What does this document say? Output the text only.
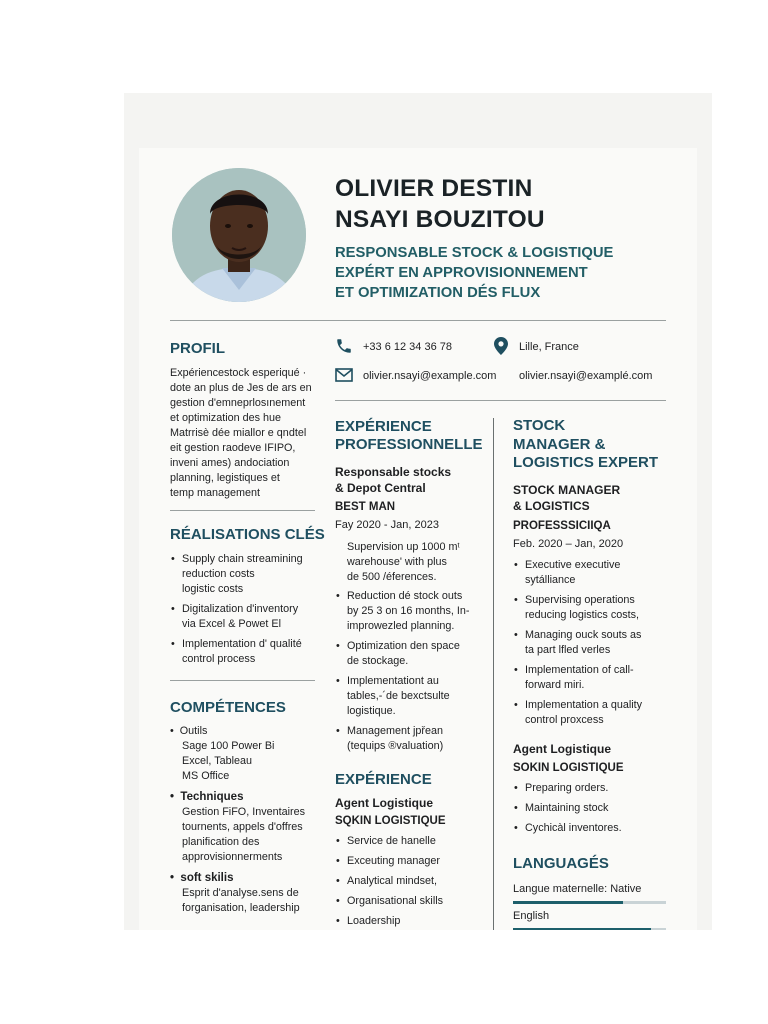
OLIVIER DESTIN
NSAYI BOUZITOU
RESPONSABLE STOCK & LOGISTIQUE
EXPÉRT EN APPROVISIONNEMENT
ET OPTIMIZATION DÉS FLUX
PROFIL
Expériencestock esperiqué ·
dote an plus de Jes de ars en
gestion d'emneprlosınement
et optimization des hue
Matrrisè dée miallor e qndtel
eit gestion raodeve IFIPO,
inveni ames) andociation
planning, legistiques et
temp management
RÉALISATIONS CLÉS
• Supply chain streamining
reduction costs
logistic costs
• Digitalization d'inventory
via Excel & Powet El
• Implementation d' qualité
control process
COMPÉTENCES
•  Outils
Sage 100 Power Bi
Excel, Tableau
MS Office
•  Techniques
Gestion FiFO, Inventaires
tournents, appels d'offres
planification des
approvisionnerments
•  soft skilis
Esprit d'analyse.sens de
forganisation, leadership
+33 6 12 34 36 78	Lille, France
olivier.nsayi@example.com olivier.nsayi@examplé.com
EXPÉRIENCE
PROFESSIONNELLE
Responsable stocks
& Depot Central
BEST MAN
Fay 2020 - Jan, 2023
Supervision up 1000 mᵗ
warehouse' with plus
de 500 /éferences.
• Reduction dé stock outs
by 25 3 on 16 months, In-
improwezled planning.
• Optimization den space
de stockage.
• Implementationt au
tables,-´de bexctsulte
logistique.
• Management jpřean
(tequips ®valuation)
EXPÉRIENCE
Agent Logistique
SQKIN LOGISTIQUE
• Service de hanelle
• Exceuting manager
• Analytical mindset,
• Organisational skills
• Loadership
STOCK
MANAGER &
LOGISTICS EXPERT
STOCK MANAGER
& LOGISTICS
PROFESSSICIIQA
Feb. 2020 – Jan, 2020
• Executive executive
sytálliance
• Supervising operations
reducing logistics costs,
• Managing ouck souts as
ta part lfled verles
• Implementation of call-
forward miri.
• Implementation a quality
control proxcess
Agent Logistique
SOKIN LOGISTIQUE
• Preparing orders.
• Maintaining stock
• Cychicàl inventores.
LANGUAGÉS
Langue maternelle: Native
English
